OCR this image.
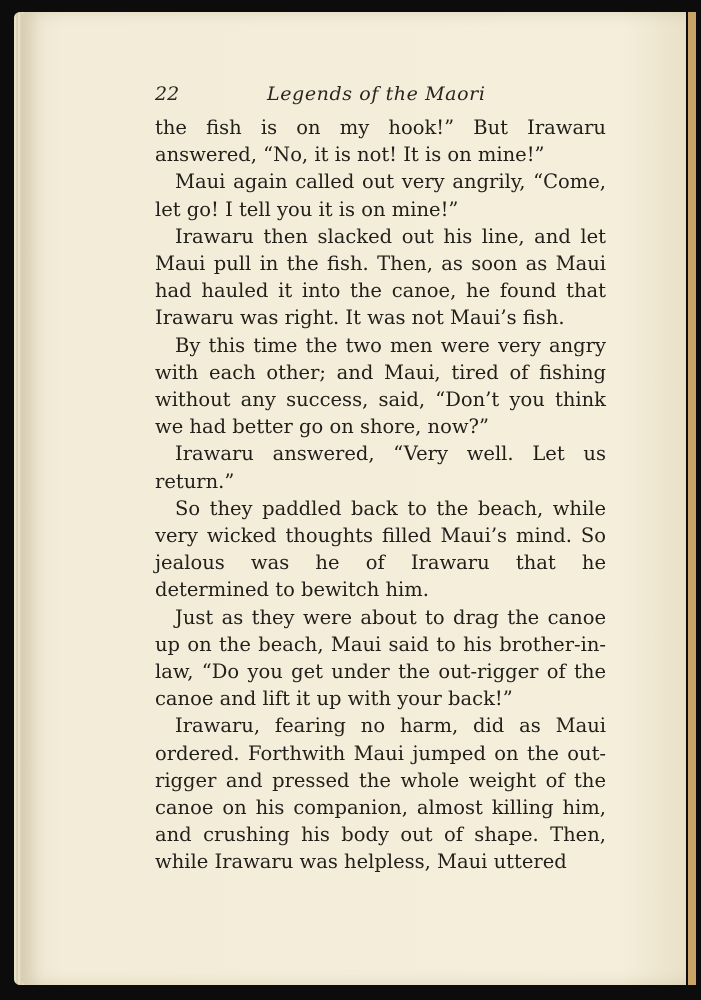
22	Legends of the Maori

the fish is on my hook!” But Irawaru answered, “No, it is not! It is on mine!”

Maui again called out very angrily, “Come, let go! I tell you it is on mine!”

Irawaru then slacked out his line, and let Maui pull in the fish. Then, as soon as Maui had hauled it into the canoe, he found that Irawaru was right. It was not Maui’s fish.

By this time the two men were very angry with each other; and Maui, tired of fishing without any success, said, “Don’t you think we had better go on shore, now?”

Irawaru answered, “Very well. Let us return.”

So they paddled back to the beach, while very wicked thoughts filled Maui’s mind. So jealous was he of Irawaru that he determined to bewitch him.

Just as they were about to drag the canoe up on the beach, Maui said to his brother-in-law, “Do you get under the out-rigger of the canoe and lift it up with your back!”

Irawaru, fearing no harm, did as Maui ordered. Forthwith Maui jumped on the out-rigger and pressed the whole weight of the canoe on his companion, almost killing him, and crushing his body out of shape. Then, while Irawaru was helpless, Maui uttered
